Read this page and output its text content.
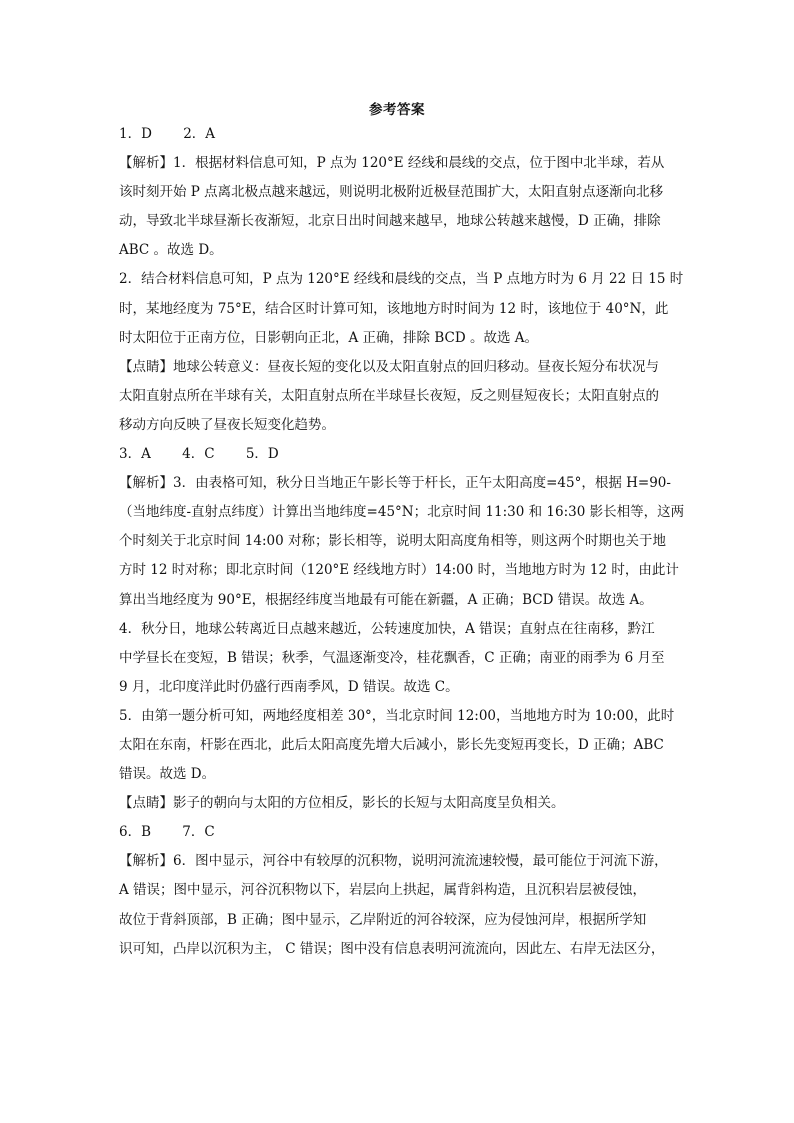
参考答案
1．D　 　2．A
【解析】1．根据材料信息可知，P 点为 120°E 经线和晨线的交点，位于图中北半球，若从
该时刻开始 P 点离北极点越来越远，则说明北极附近极昼范围扩大，太阳直射点逐渐向北移
动，导致北半球昼渐长夜渐短，北京日出时间越来越早，地球公转越来越慢，D 正确，排除
ABC 。故选 D。
2．结合材料信息可知，P 点为 120°E 经线和晨线的交点，当 P 点地方时为 6 月 22 日 15 时
时，某地经度为 75°E，结合区时计算可知，该地地方时时间为 12 时，该地位于 40°N，此
时太阳位于正南方位，日影朝向正北，A 正确，排除 BCD 。故选 A。
【点睛】地球公转意义：昼夜长短的变化以及太阳直射点的回归移动。昼夜长短分布状况与
太阳直射点所在半球有关，太阳直射点所在半球昼长夜短，反之则昼短夜长；太阳直射点的
移动方向反映了昼夜长短变化趋势。
3．A　 　4．C　 　5．D
【解析】3．由表格可知，秋分日当地正午影长等于杆长，正午太阳高度=45°，根据 H=90-
（当地纬度-直射点纬度）计算出当地纬度=45°N；北京时间 11:30 和 16:30 影长相等，这两
个时刻关于北京时间 14:00 对称；影长相等，说明太阳高度角相等，则这两个时期也关于地
方时 12 时对称；即北京时间（120°E 经线地方时）14:00 时，当地地方时为 12 时，由此计
算出当地经度为 90°E，根据经纬度当地最有可能在新疆，A 正确；BCD 错误。故选 A。
4．秋分日，地球公转离近日点越来越近，公转速度加快，A 错误；直射点在往南移，黔江
中学昼长在变短，B 错误；秋季，气温逐渐变冷，桂花飘香，C 正确；南亚的雨季为 6 月至
9 月，北印度洋此时仍盛行西南季风，D 错误。故选 C。
5．由第一题分析可知，两地经度相差 30°，当北京时间 12:00，当地地方时为 10:00，此时
太阳在东南，杆影在西北，此后太阳高度先增大后减小，影长先变短再变长，D 正确；ABC
错误。故选 D。
【点睛】影子的朝向与太阳的方位相反，影长的长短与太阳高度呈负相关。
6．B　 　7．C
【解析】6．图中显示，河谷中有较厚的沉积物，说明河流流速较慢，最可能位于河流下游，
A 错误；图中显示，河谷沉积物以下，岩层向上拱起，属背斜构造，且沉积岩层被侵蚀，
故位于背斜顶部，B 正确；图中显示，乙岸附近的河谷较深，应为侵蚀河岸，根据所学知
识可知，凸岸以沉积为主， C 错误；图中没有信息表明河流流向，因此左、右岸无法区分，
